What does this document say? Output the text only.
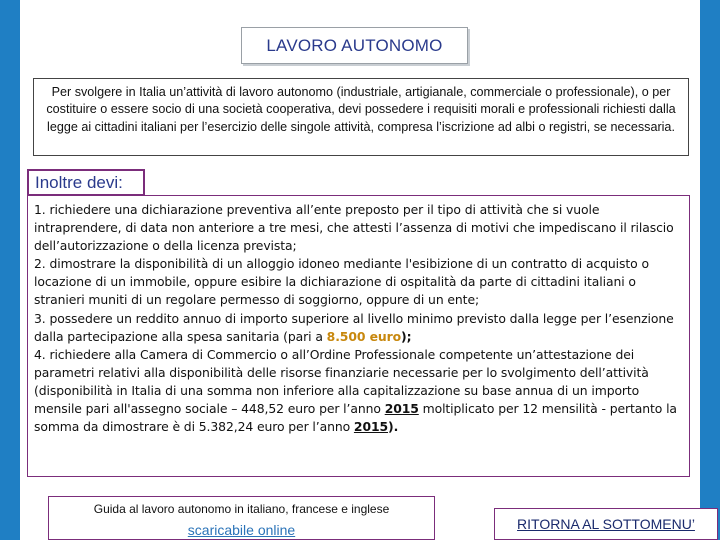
LAVORO AUTONOMO
Per svolgere in Italia un’attività di lavoro autonomo (industriale, artigianale, commerciale o professionale), o per costituire o essere socio di una società cooperativa, devi possedere i requisiti morali e professionali richiesti dalla legge ai cittadini italiani per l’esercizio delle singole attività, compresa l’iscrizione ad albi o registri, se necessaria.
Inoltre devi:

1. richiedere una dichiarazione preventiva all’ente preposto per il tipo di attività che si vuole intraprendere, di data non anteriore a tre mesi, che attesti l’assenza di motivi che impediscano il rilascio dell’autorizzazione o della licenza prevista;

2. dimostrare la disponibilità di un alloggio idoneo mediante l'esibizione di un contratto di acquisto o locazione di un immobile, oppure esibire la dichiarazione di ospitalità da parte di cittadini italiani o stranieri muniti di un regolare permesso di soggiorno, oppure di un ente;

3. possedere un reddito annuo di importo superiore al livello minimo previsto dalla legge per l’esenzione dalla partecipazione alla spesa sanitaria (pari a 8.500 euro);

4. richiedere alla Camera di Commercio o all’Ordine Professionale competente un’attestazione dei parametri relativi alla disponibilità delle risorse finanziarie necessarie per lo svolgimento dell’attività (disponibilità in Italia di una somma non inferiore alla capitalizzazione su base annua di un importo mensile pari all'assegno sociale – 448,52 euro per l’anno 2015 moltiplicato per 12 mensilità - pertanto la somma da dimostrare è di 5.382,24 euro per l’anno 2015).

Guida al lavoro autonomo in italiano, francese e inglese
scaricabile online	RITORNA AL SOTTOMENU’
